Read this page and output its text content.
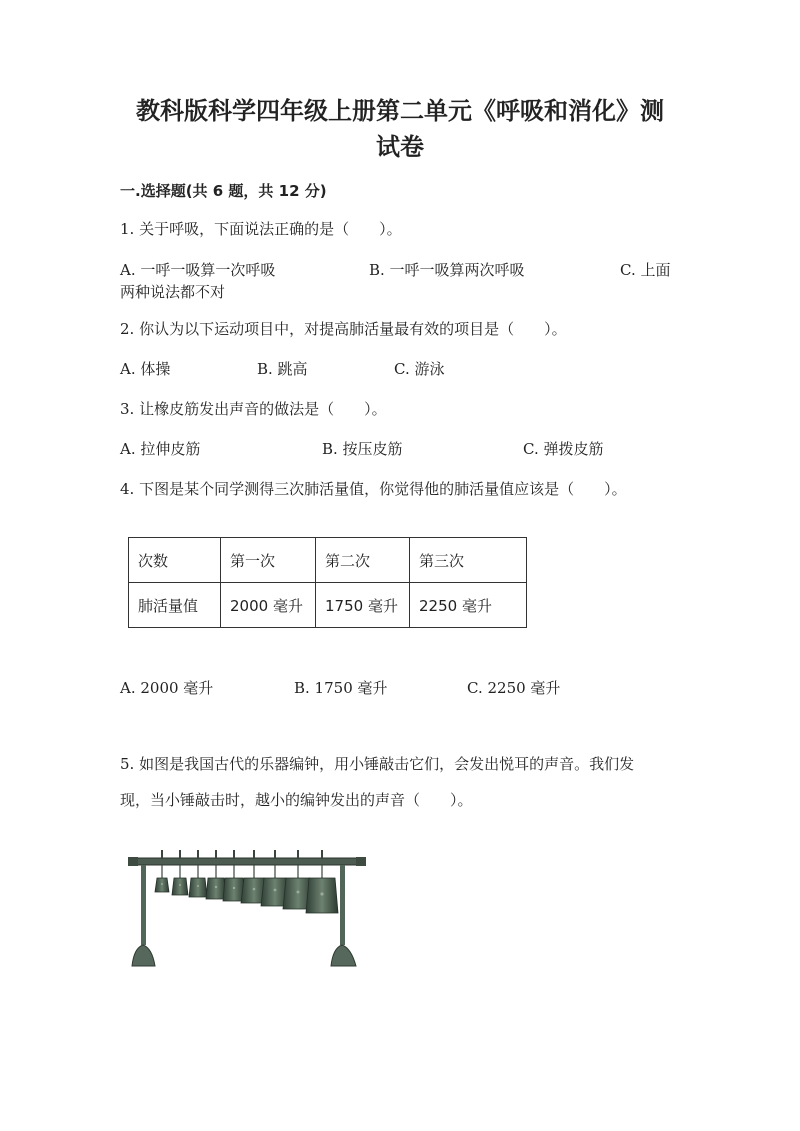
教科版科学四年级上册第二单元《呼吸和消化》测
试卷
一.选择题(共 6 题，共 12 分)
1. 关于呼吸，下面说法正确的是（　　）。
A. 一呼一吸算一次呼吸	B. 一呼一吸算两次呼吸	C. 上面
两种说法都不对
2. 你认为以下运动项目中，对提高肺活量最有效的项目是（　　）。
A. 体操	B. 跳高	C. 游泳
3. 让橡皮筋发出声音的做法是（　　）。
A. 拉伸皮筋	B. 按压皮筋	C. 弹拨皮筋
4. 下图是某个同学测得三次肺活量值，你觉得他的肺活量值应该是（　　）。
次数	第一次	第二次	第三次
肺活量值	2000 毫升	1750 毫升	2250 毫升
A. 2000 毫升	B. 1750 毫升	C. 2250 毫升
5. 如图是我国古代的乐器编钟，用小锤敲击它们，会发出悦耳的声音。我们发
现，当小锤敲击时，越小的编钟发出的声音（　　）。
